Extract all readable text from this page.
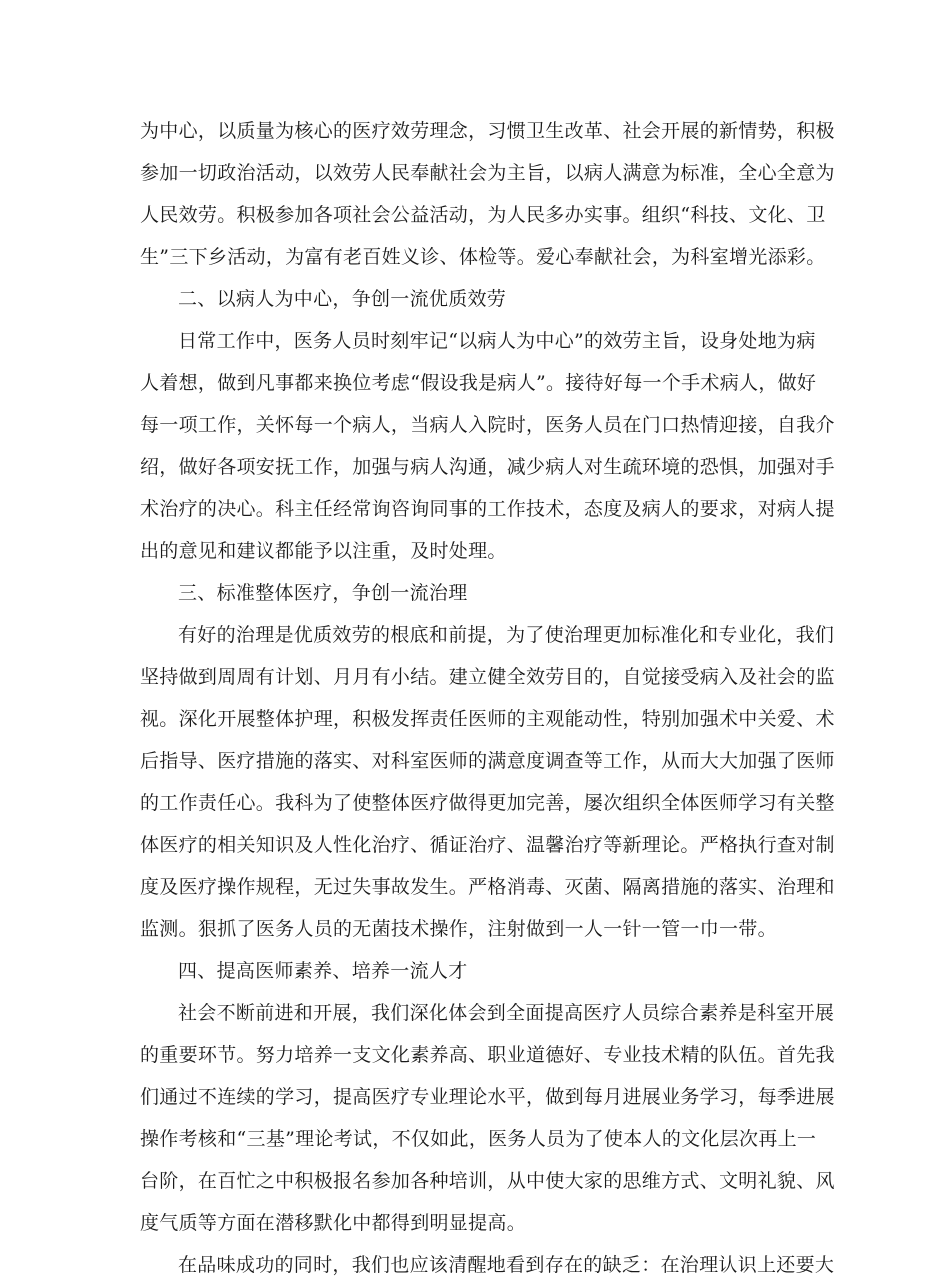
为中心，以质量为核心的医疗效劳理念，习惯卫生改革、社会开展的新情势，积极
参加一切政治活动，以效劳人民奉献社会为主旨，以病人满意为标准，全心全意为
人民效劳。积极参加各项社会公益活动，为人民多办实事。组织“科技、文化、卫
生”三下乡活动，为富有老百姓义诊、体检等。爱心奉献社会，为科室增光添彩。
二、以病人为中心，争创一流优质效劳
日常工作中，医务人员时刻牢记“以病人为中心”的效劳主旨，设身处地为病
人着想，做到凡事都来换位考虑“假设我是病人”。接待好每一个手术病人，做好
每一项工作，关怀每一个病人，当病人入院时，医务人员在门口热情迎接，自我介
绍，做好各项安抚工作，加强与病人沟通，减少病人对生疏环境的恐惧，加强对手
术治疗的决心。科主任经常询咨询同事的工作技术，态度及病人的要求，对病人提
出的意见和建议都能予以注重，及时处理。
三、标准整体医疗，争创一流治理
有好的治理是优质效劳的根底和前提，为了使治理更加标准化和专业化，我们
坚持做到周周有计划、月月有小结。建立健全效劳目的，自觉接受病入及社会的监
视。深化开展整体护理，积极发挥责任医师的主观能动性，特别加强术中关爱、术
后指导、医疗措施的落实、对科室医师的满意度调查等工作，从而大大加强了医师
的工作责任心。我科为了使整体医疗做得更加完善，屡次组织全体医师学习有关整
体医疗的相关知识及人性化治疗、循证治疗、温馨治疗等新理论。严格执行查对制
度及医疗操作规程，无过失事故发生。严格消毒、灭菌、隔离措施的落实、治理和
监测。狠抓了医务人员的无菌技术操作，注射做到一人一针一管一巾一带。
四、提高医师素养、培养一流人才
社会不断前进和开展，我们深化体会到全面提高医疗人员综合素养是科室开展
的重要环节。努力培养一支文化素养高、职业道德好、专业技术精的队伍。首先我
们通过不连续的学习，提高医疗专业理论水平，做到每月进展业务学习，每季进展
操作考核和“三基”理论考试，不仅如此，医务人员为了使本人的文化层次再上一
台阶，在百忙之中积极报名参加各种培训，从中使大家的思维方式、文明礼貌、风
度气质等方面在潜移默化中都得到明显提高。
在品味成功的同时，我们也应该清醒地看到存在的缺乏：在治理认识上还要大
